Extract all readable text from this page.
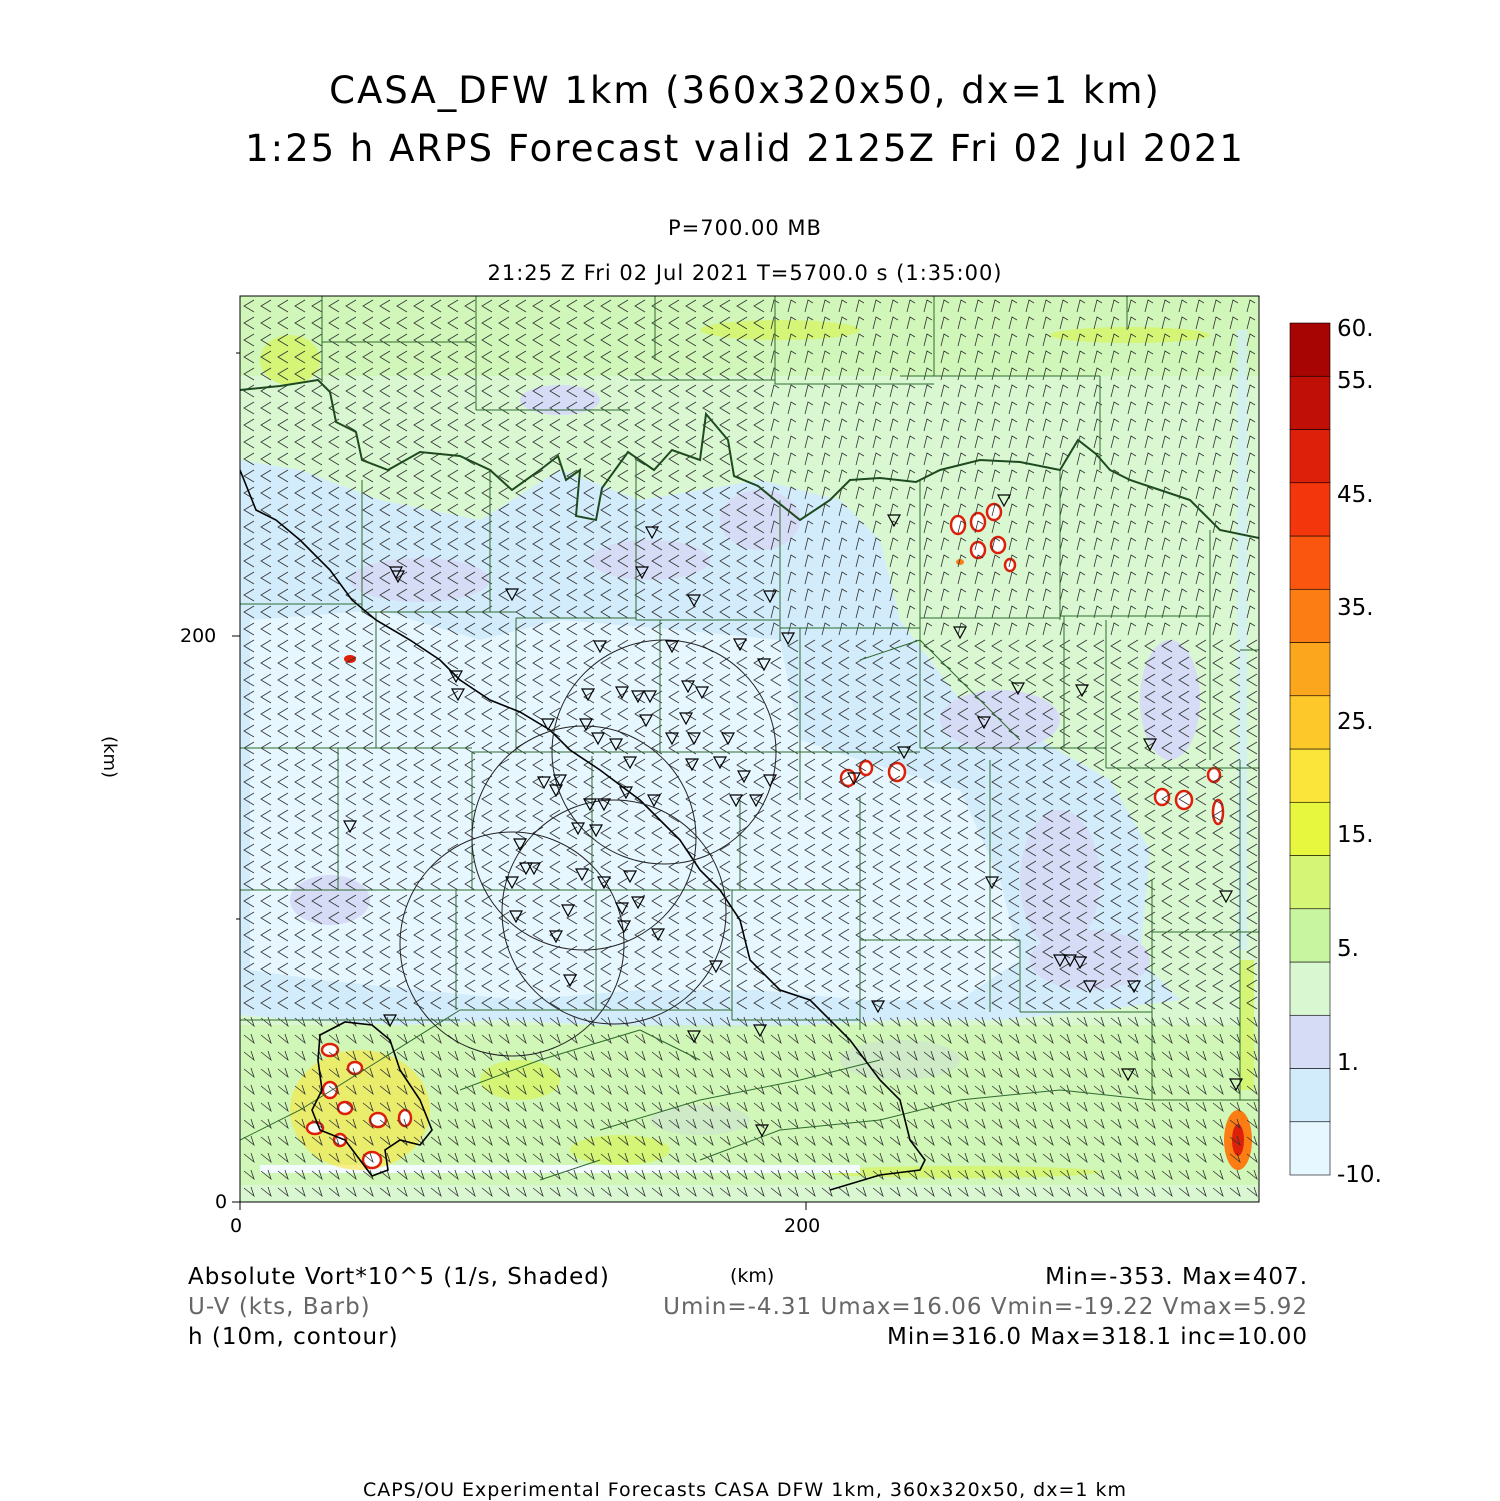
CASA_DFW 1km (360x320x50, dx=1 km)
1:25 h ARPS Forecast valid 2125Z Fri 02 Jul 2021
P=700.00 MB
21:25 Z Fri 02 Jul 2021 T=5700.0 s (1:35:00)
0
200
0	200
(km)
(km)
60.
55.
45.
35.
25.
15.
5.
1.
-10.
Absolute Vort*10^5 (1/s, Shaded)	Min=-353. Max=407.
U-V (kts, Barb)	Umin=-4.31 Umax=16.06 Vmin=-19.22 Vmax=5.92
h (10m, contour)	Min=316.0 Max=318.1 inc=10.00
CAPS/OU Experimental Forecasts CASA DFW 1km, 360x320x50, dx=1 km
